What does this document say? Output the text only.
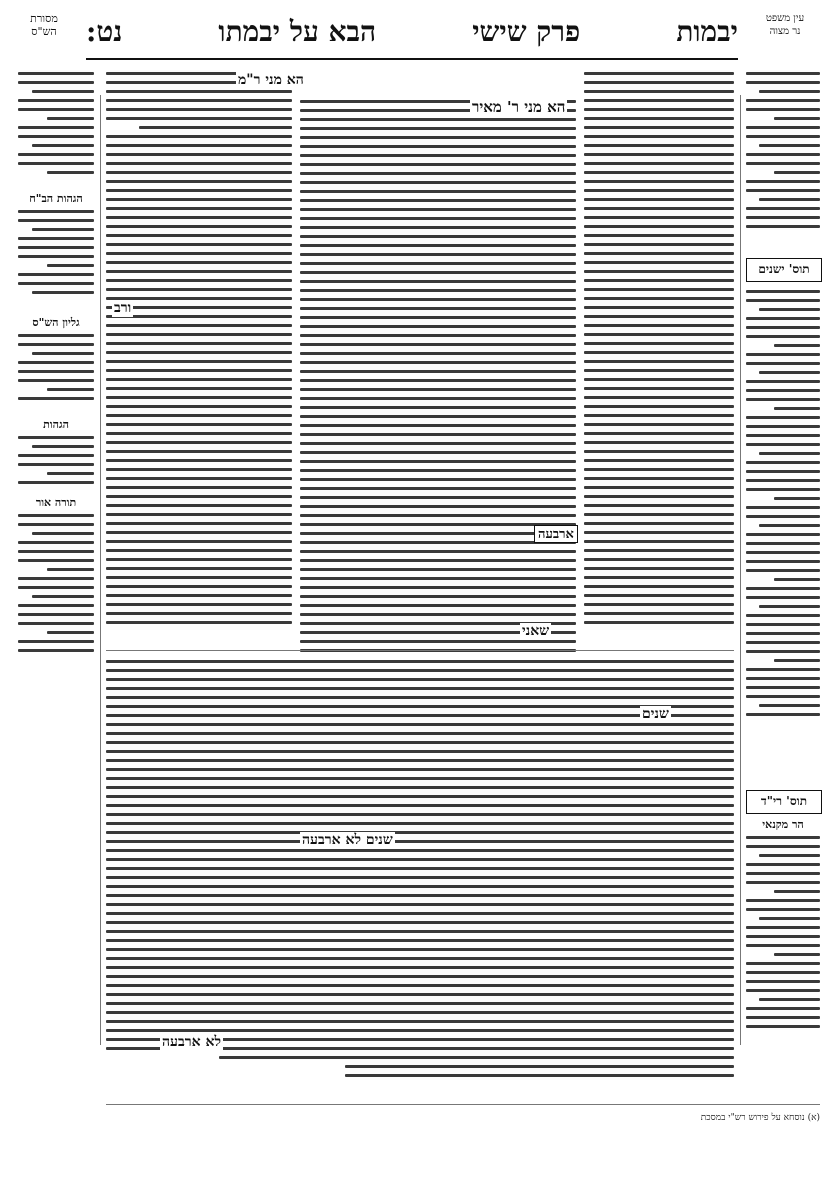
מסורת
הש"ס	יבמות
פרק שישי
הבא על יבמתו
נט:	עין משפט
נר מצוה
הגהות הב"ח
גליון הש"ס
הגהות
תורה אור
תוס' ישנים
תוס' רי"ד
הר מקנאי
הא מני ר"מ
ורב
הא מני ר' מאיר
ארבעה
שאני
שנים
שנים לא ארבעה
לא ארבעה
(א) נוסחא על פירוש רש"י במסכת
